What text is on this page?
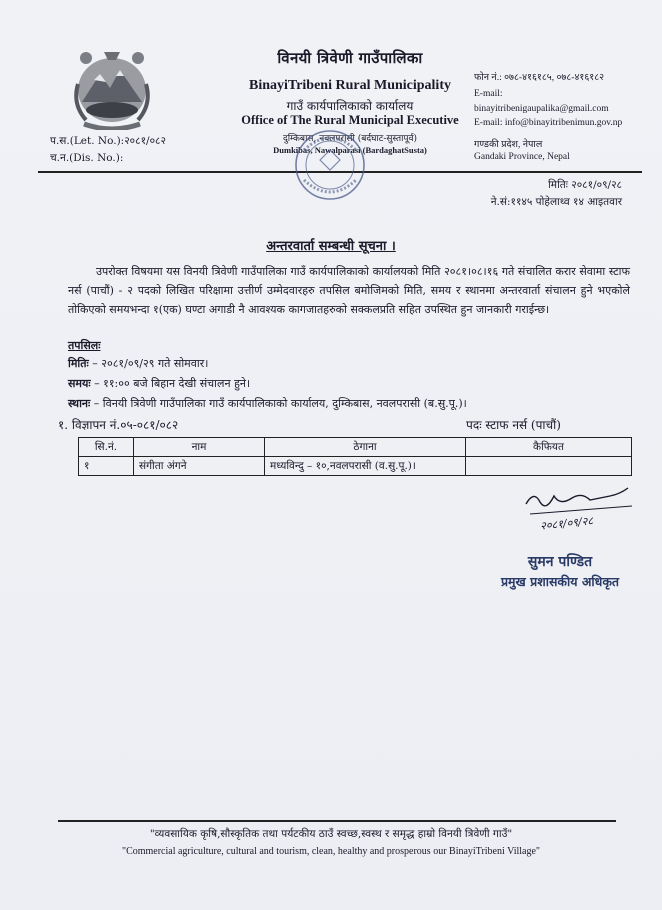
विनयी त्रिवेणी गाउँपालिका
BinayiTribeni Rural Municipality
गाउँ कार्यपालिकाको कार्यालय
Office of The Rural Municipal Executive
दुम्किबास, नवलपरासी (बर्दघाट-सुस्तापूर्व)
Dumkibas, Nawalparasi (BardaghatSusta)
फोन नं.: ०७८-४१६१८५, ०७८-४१६१८२
E-mail:
binayitribenigaupalika@gmail.com
E-mail: info@binayitribenimun.gov.np
गण्डकी प्रदेश, नेपाल
Gandaki Province, Nepal
प.स.(Let. No.):२०८१/०८२
च.न.(Dis. No.):
मितिः २०८१/०९/२८
ने.सं:११४५ पोहेलाथ्व १४ आइतवार
अन्तरवार्ता सम्बन्धी सूचना ।
उपरोक्त विषयमा यस विनयी त्रिवेणी गाउँपालिका गाउँ कार्यपालिकाको कार्यालयको मिति २०८१।०८।१६ गते संचालित करार सेवामा स्टाफ नर्स (पाचौं) - २ पदको लिखित परिक्षामा उत्तीर्ण उम्मेदवारहरु तपसिल बमोजिमको मिति, समय र स्थानमा अन्तरवार्ता संचालन हुने भएकोले तोकिएको समयभन्दा १(एक) घण्टा अगाडी नै आवश्यक कागजातहरुको सक्कलप्रति सहित उपस्थित हुन जानकारी गराईन्छ।
तपसिलः
मितिः – २०८१/०९/२९ गते सोमवार।
समयः – ११:०० बजे बिहान देखी संचालन हुने।
स्थानः – विनयी त्रिवेणी गाउँपालिका गाउँ कार्यपालिकाको कार्यालय, दुम्किबास, नवलपरासी (ब.सु.पू.)।
१. विज्ञापन नं.०५-०८१/०८२	पदः स्टाफ नर्स (पाचौं)
सि.नं.	नाम	ठेगाना	कैफियत
१	संगीता अंगने	मध्यविन्दु – १०,नवलपरासी (व.सु.पू.)।	
२०८१/०९/२८
सुमन पण्डित
प्रमुख प्रशासकीय अधिकृत
"व्यवसायिक कृषि,सौस्कृतिक तथा पर्यटकीय ठाउँ स्वच्छ,स्वस्थ र समृद्ध हाम्रो विनयी त्रिवेणी गाउँ"
"Commercial agriculture, cultural and tourism, clean, healthy and prosperous our BinayiTribeni Village"
